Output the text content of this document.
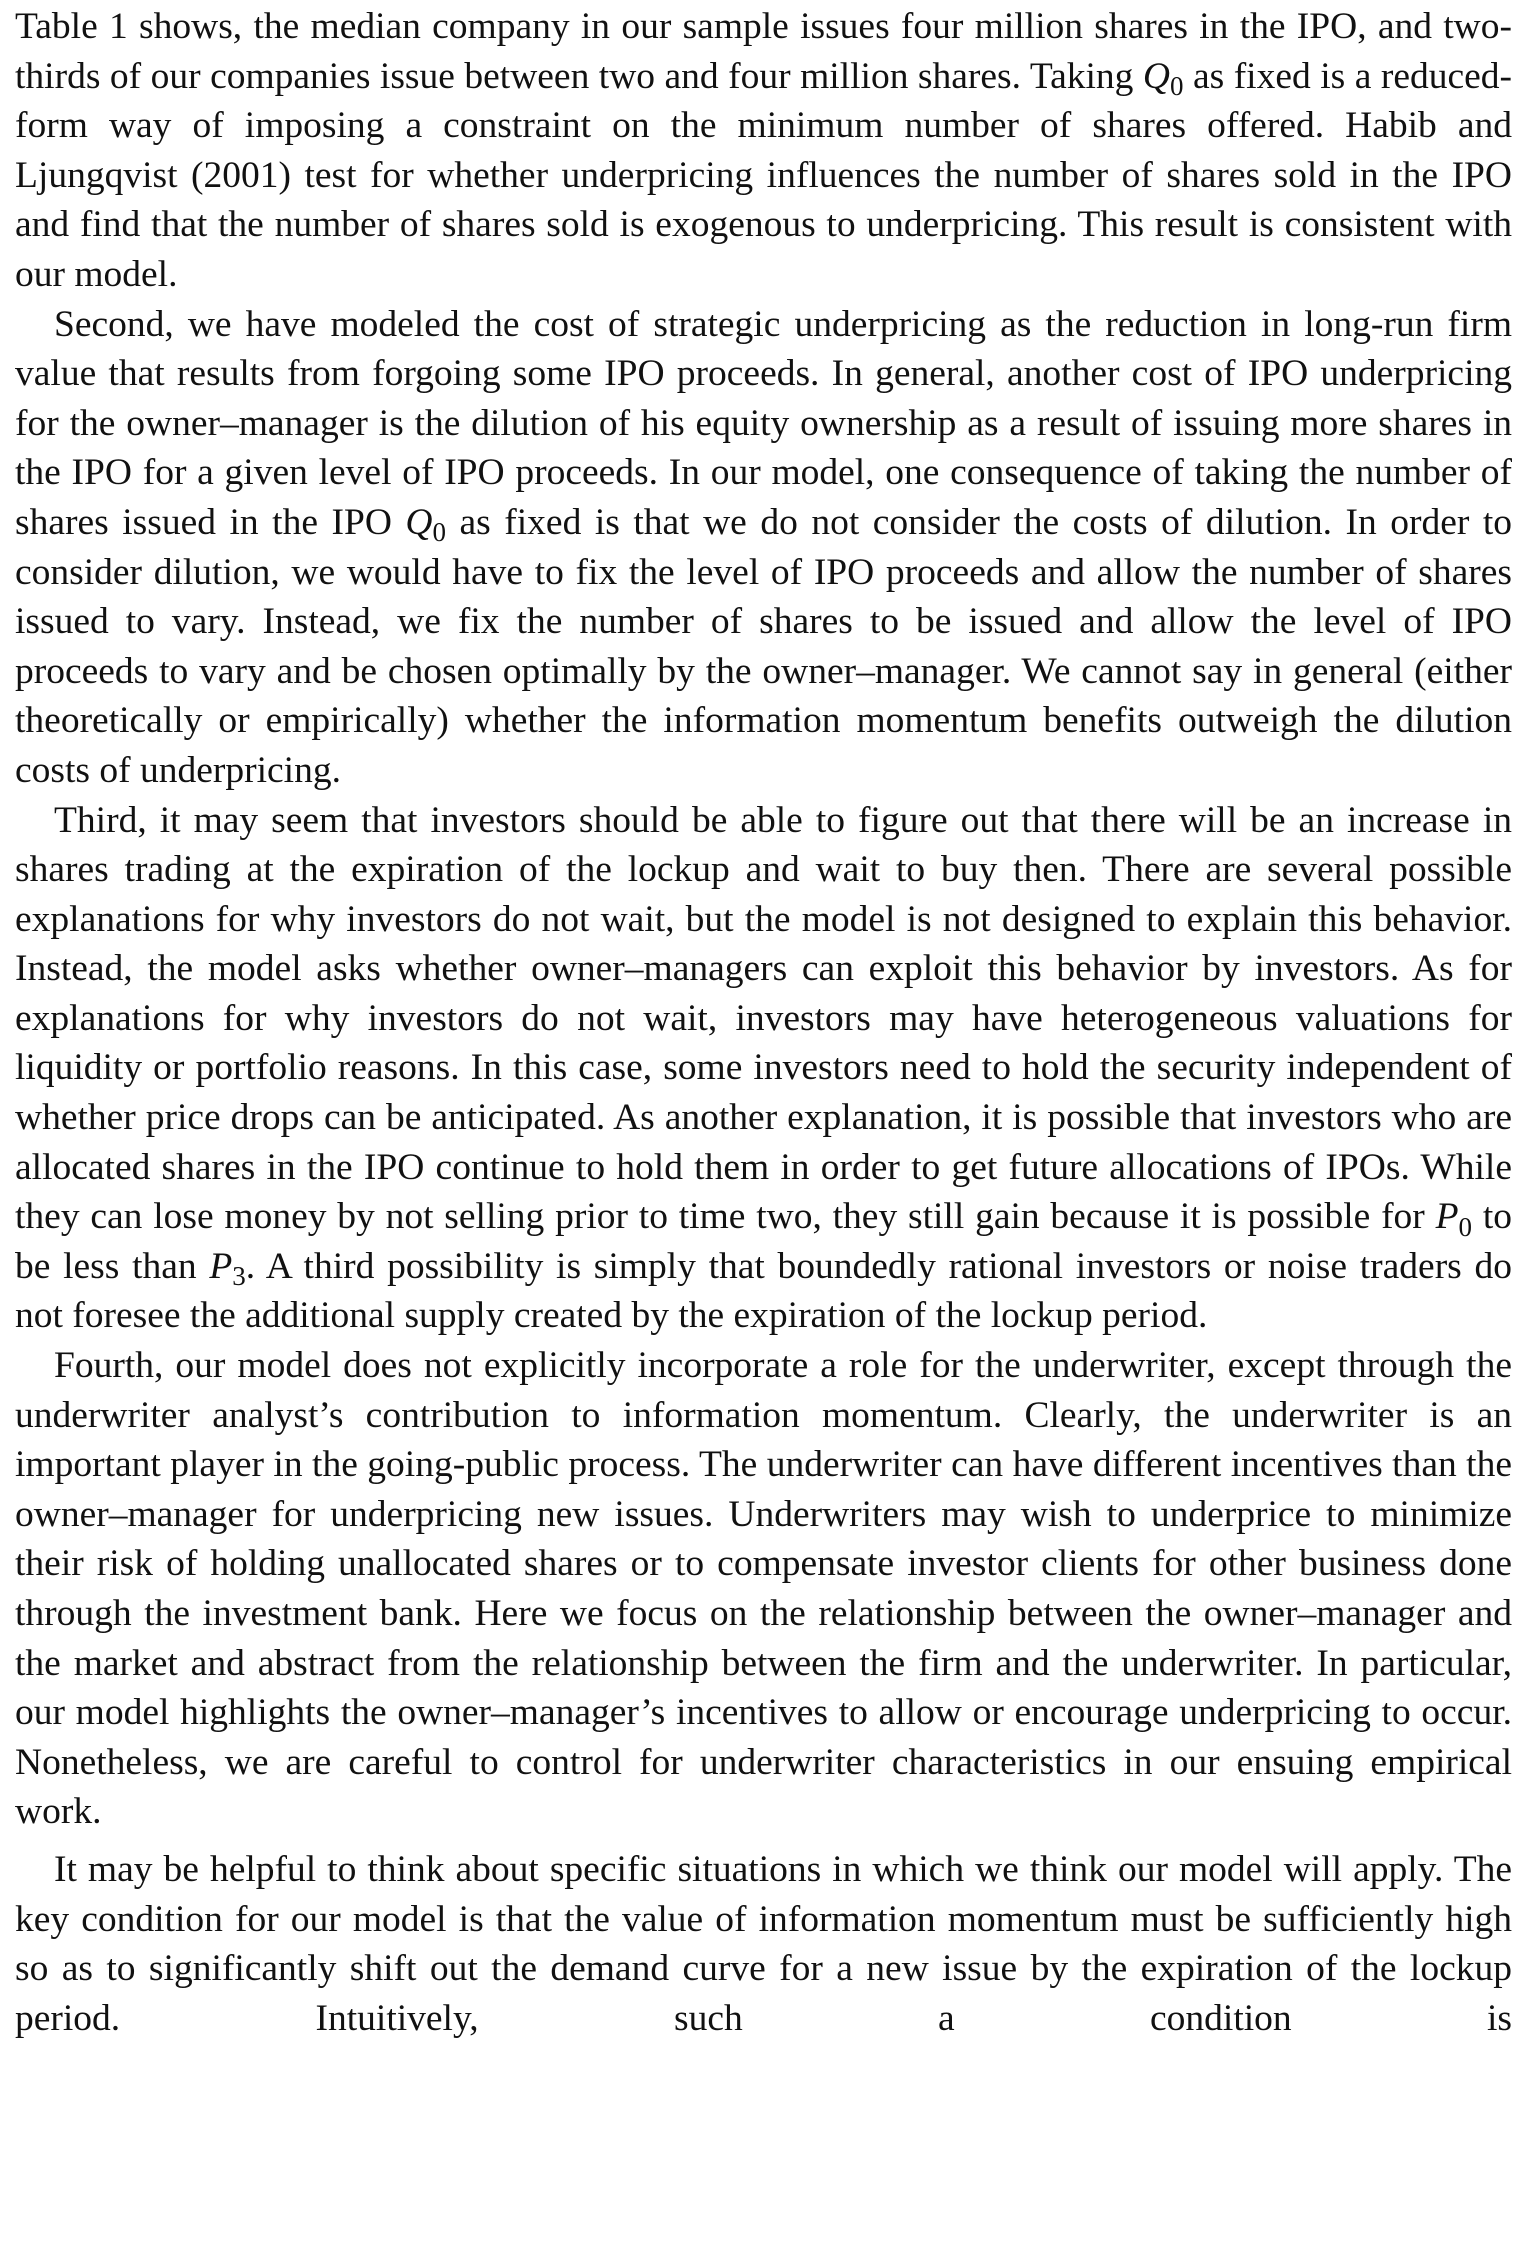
Table 1 shows, the median company in our sample issues four million shares in the IPO, and two-thirds of our companies issue between two and four million shares. Taking $Q_0$ as fixed is a reduced-form way of imposing a constraint on the minimum number of shares offered. Habib and Ljungqvist (2001) test for whether underpricing influences the number of shares sold in the IPO and find that the number of shares sold is exogenous to underpricing. This result is consistent with our model.

Second, we have modeled the cost of strategic underpricing as the reduction in long-run firm value that results from forgoing some IPO proceeds. In general, another cost of IPO underpricing for the owner–manager is the dilution of his equity ownership as a result of issuing more shares in the IPO for a given level of IPO proceeds. In our model, one consequence of taking the number of shares issued in the IPO $Q_0$ as fixed is that we do not consider the costs of dilution. In order to consider dilution, we would have to fix the level of IPO proceeds and allow the number of shares issued to vary. Instead, we fix the number of shares to be issued and allow the level of IPO proceeds to vary and be chosen optimally by the owner–manager. We cannot say in general (either theoretically or empirically) whether the information momentum benefits outweigh the dilution costs of underpricing.

Third, it may seem that investors should be able to figure out that there will be an increase in shares trading at the expiration of the lockup and wait to buy then. There are several possible explanations for why investors do not wait, but the model is not designed to explain this behavior. Instead, the model asks whether owner–managers can exploit this behavior by investors. As for explanations for why investors do not wait, investors may have heterogeneous valuations for liquidity or portfolio reasons. In this case, some investors need to hold the security independent of whether price drops can be anticipated. As another explanation, it is possible that investors who are allocated shares in the IPO continue to hold them in order to get future allocations of IPOs. While they can lose money by not selling prior to time two, they still gain because it is possible for $P_0$ to be less than $P_3$. A third possibility is simply that boundedly rational investors or noise traders do not foresee the additional supply created by the expiration of the lockup period.

Fourth, our model does not explicitly incorporate a role for the underwriter, except through the underwriter analyst’s contribution to information momentum. Clearly, the underwriter is an important player in the going-public process. The underwriter can have different incentives than the owner–manager for underpricing new issues. Underwriters may wish to underprice to minimize their risk of holding unallocated shares or to compensate investor clients for other business done through the investment bank. Here we focus on the relationship between the owner–manager and the market and abstract from the relationship between the firm and the underwriter. In particular, our model highlights the owner–manager’s incentives to allow or encourage underpricing to occur. Nonetheless, we are careful to control for underwriter characteristics in our ensuing empirical work.

It may be helpful to think about specific situations in which we think our model will apply. The key condition for our model is that the value of information momentum must be sufficiently high so as to significantly shift out the demand curve for a new issue by the expiration of the lockup period. Intuitively, such a condition is
